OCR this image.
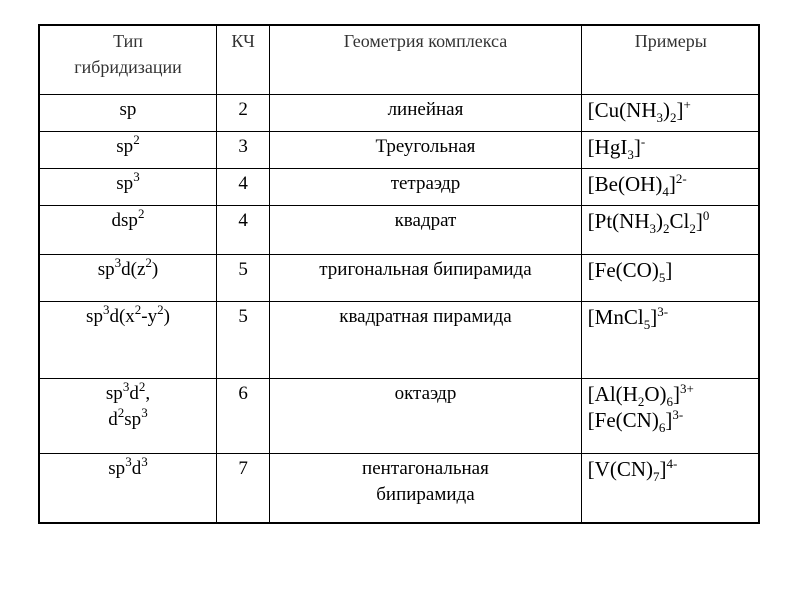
Тип
гибридизации	КЧ	Геометрия комплекса	Примеры
sp	2	линейная	$[Cu(NH_3)_2]^+$
$sp^2$	3	Треугольная	[HgI$_3$]-
$sp^3$	4	тетраэдр	$[Be(OH)_4]^{2-}$
dsp$^2$	4	квадрат	$[Pt(NH_3)_2Cl_2]^0$
$sp^3d(z^2)$	5	тригональная бипирамида	$[Fe(CO)_5]$
$sp^3d(x^2-y^2)$	5	квадратная пирамида	[MnCl$_5$]$^{3-}$

$sp^3d^2$,
$d^2sp^3$	6	октаэдр	$[Al(H_2O)_6]^{3+}$
$[Fe(CN)_6]^{3-}$

$sp^3d^3$	7	пентагональная
бипирамида	$[V(CN)_7]^{4-}$
